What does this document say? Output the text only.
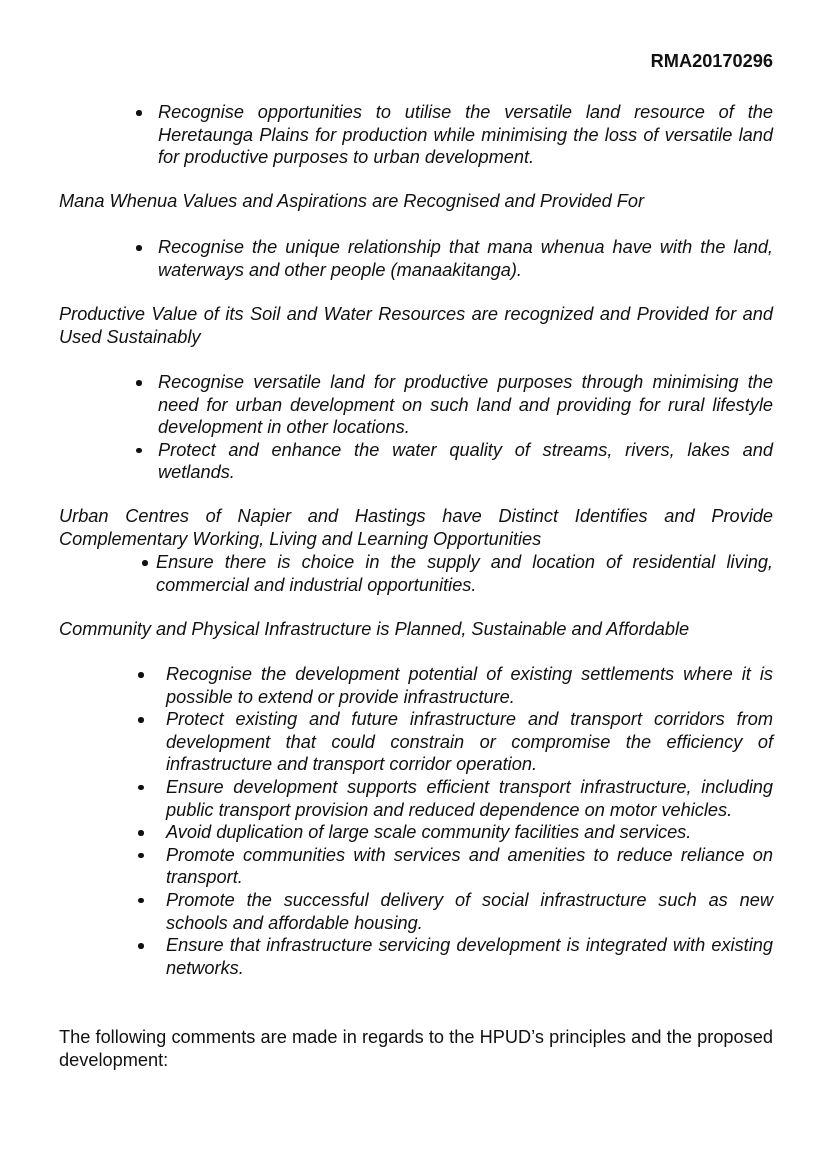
RMA20170296
Recognise opportunities to utilise the versatile land resource of the Heretaunga Plains for production while minimising the loss of versatile land for productive purposes to urban development.
Mana Whenua Values and Aspirations are Recognised and Provided For
Recognise the unique relationship that mana whenua have with the land, waterways and other people (manaakitanga).
Productive Value of its Soil and Water Resources are recognized and Provided for and Used Sustainably
Recognise versatile land for productive purposes through minimising the need for urban development on such land and providing for rural lifestyle development in other locations.
Protect and enhance the water quality of streams, rivers, lakes and wetlands.
Urban Centres of Napier and Hastings have Distinct Identifies and Provide Complementary Working, Living and Learning Opportunities
Ensure there is choice in the supply and location of residential living, commercial and industrial opportunities.
Community and Physical Infrastructure is Planned, Sustainable and Affordable
Recognise the development potential of existing settlements where it is possible to extend or provide infrastructure.
Protect existing and future infrastructure and transport corridors from development that could constrain or compromise the efficiency of infrastructure and transport corridor operation.
Ensure development supports efficient transport infrastructure, including public transport provision and reduced dependence on motor vehicles.
Avoid duplication of large scale community facilities and services.
Promote communities with services and amenities to reduce reliance on transport.
Promote the successful delivery of social infrastructure such as new schools and affordable housing.
Ensure that infrastructure servicing development is integrated with existing networks.
The following comments are made in regards to the HPUD’s principles and the proposed development:
